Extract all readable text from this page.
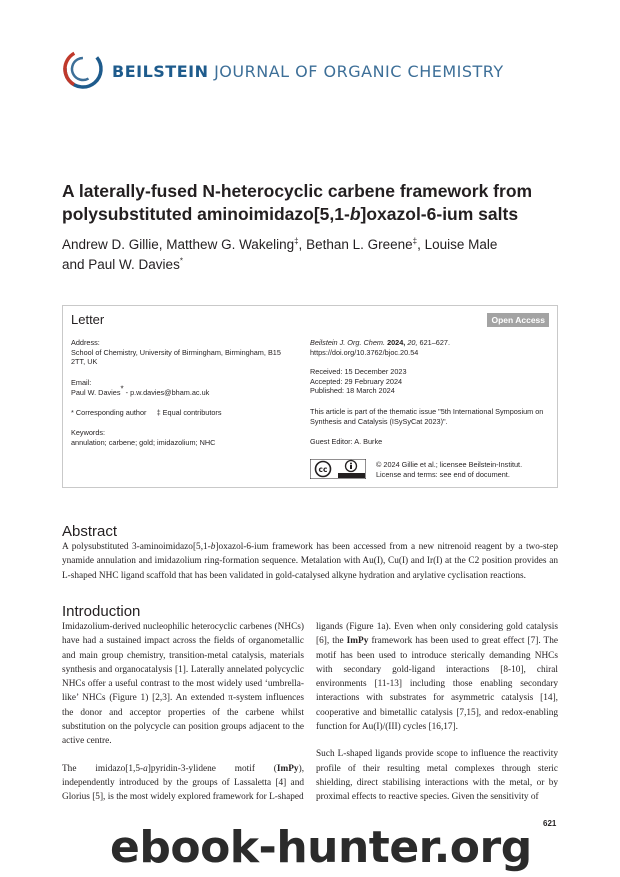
BEILSTEIN JOURNAL OF ORGANIC CHEMISTRY
A laterally-fused N-heterocyclic carbene framework from polysubstituted aminoimidazo[5,1-b]oxazol-6-ium salts
Andrew D. Gillie, Matthew G. Wakeling‡, Bethan L. Greene‡, Louise Male
and Paul W. Davies*
Letter	Open Access
Address:
School of Chemistry, University of Birmingham, Birmingham, B15 2TT, UK
Email:
Paul W. Davies* - p.w.davies@bham.ac.uk
* Corresponding author ‡ Equal contributors
Keywords:
annulation; carbene; gold; imidazolium; NHC
Beilstein J. Org. Chem. 2024, 20, 621–627.
https://doi.org/10.3762/bjoc.20.54
Received: 15 December 2023
Accepted: 29 February 2024
Published: 18 March 2024
This article is part of the thematic issue "5th International Symposium on Synthesis and Catalysis (ISySyCat 2023)".
Guest Editor: A. Burke
cc
© 2024 Gillie et al.; licensee Beilstein-Institut.
License and terms: see end of document.
Abstract
A polysubstituted 3-aminoimidazo[5,1-b]oxazol-6-ium framework has been accessed from a new nitrenoid reagent by a two-step ynamide annulation and imidazolium ring-formation sequence. Metalation with Au(I), Cu(I) and Ir(I) at the C2 position provides an L-shaped NHC ligand scaffold that has been validated in gold-catalysed alkyne hydration and arylative cyclisation reactions.
Introduction
Imidazolium-derived nucleophilic heterocyclic carbenes (NHCs) have had a sustained impact across the fields of organometallic and main group chemistry, transition-metal catalysis, materials synthesis and organocatalysis [1]. Laterally annelated polycyclic NHCs offer a useful contrast to the most widely used ‘umbrella-like’ NHCs (Figure 1) [2,3]. An extended π-system influences the donor and acceptor properties of the carbene whilst substitution on the polycycle can position groups adjacent to the active centre.
The imidazo[1,5-a]pyridin-3-ylidene motif (ImPy), independently introduced by the groups of Lassaletta [4] and Glorius [5], is the most widely explored framework for L-shaped
ligands (Figure 1a). Even when only considering gold catalysis [6], the ImPy framework has been used to great effect [7]. The motif has been used to introduce sterically demanding NHCs with secondary gold-ligand interactions [8-10], chiral environments [11-13] including those enabling secondary interactions with substrates for asymmetric catalysis [14], cooperative and bimetallic catalysis [7,15], and redox-enabling function for Au(I)/(III) cycles [16,17].
Such L-shaped ligands provide scope to influence the reactivity profile of their resulting metal complexes through steric shielding, direct stabilising interactions with the metal, or by proximal effects to reactive species. Given the sensitivity of
621
ebook-hunter.org
